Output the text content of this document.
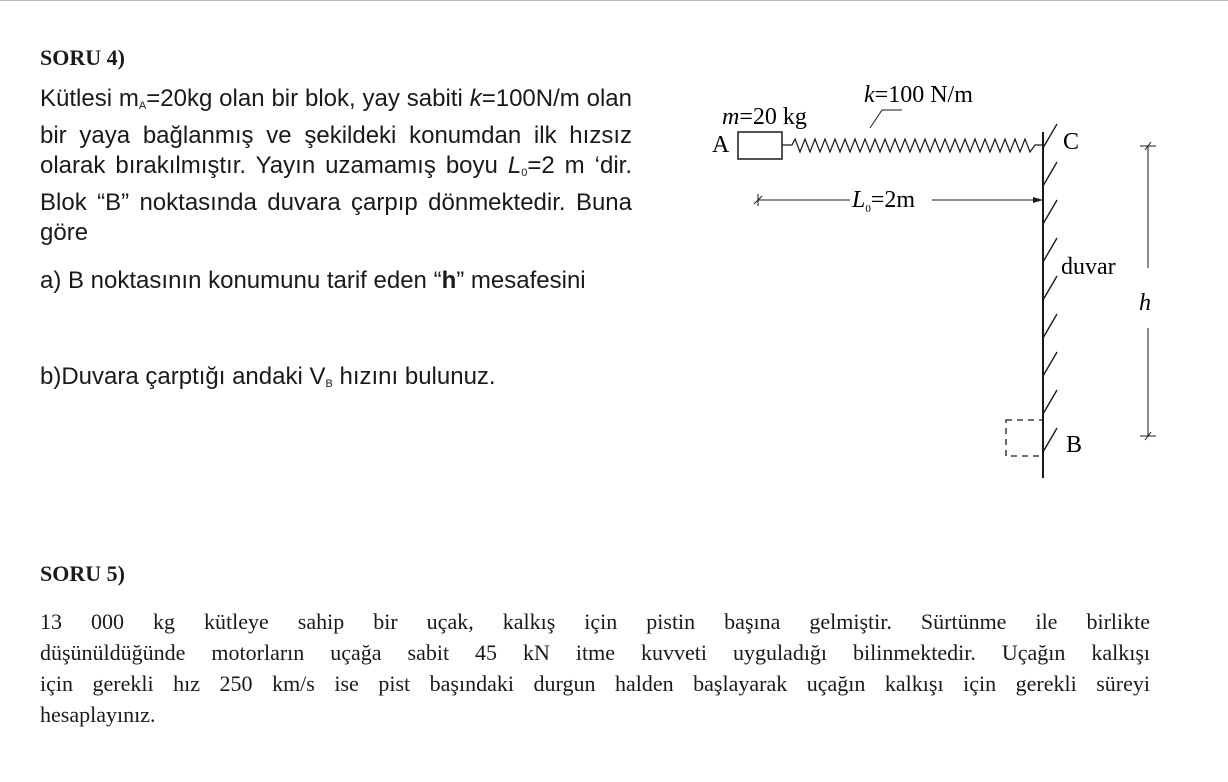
SORU 4)

Kütlesi $m_A=20kg$ olan bir blok, yay sabiti k=100N/m olan bir yaya bağlanmış ve şekildeki konumdan ilk hızsız olarak bırakılmıştır. Yayın uzamamış boyu $L_0=2$ m ‘dir. Blok “B” noktasında duvara çarpıp dönmektedir. Buna göre

a) B noktasının konumunu tarif eden “h” mesafesini

b)Duvara çarptığı andaki $V_B$ hızını bulunuz.

m=20 kg
A
k=100 N/m
C
$L_0=2m$
duvar
h
B
SORU 5)
13 000 kg kütleye sahip bir uçak, kalkış için pistin başına gelmiştir. Sürtünme ile birlikte
düşünüldüğünde motorların uçağa sabit 45 kN itme kuvveti uyguladığı bilinmektedir. Uçağın kalkışı
için gerekli hız 250 km/s ise pist başındaki durgun halden başlayarak uçağın kalkışı için gerekli süreyi
hesaplayınız.
